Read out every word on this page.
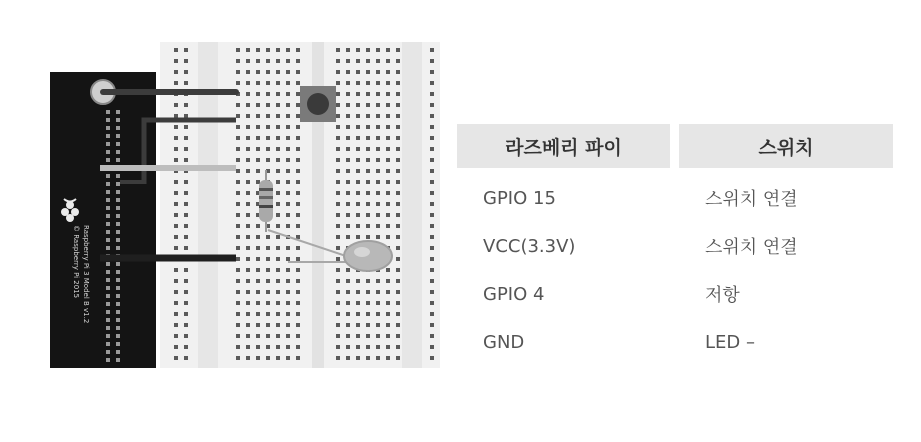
Raspberry Pi 3 Model B v1.2
© Raspberry Pi 2015
라즈베리 파이	스위치
GPIO 15	스위치 연결
VCC(3.3V)	스위치 연결
GPIO 4	저항
GND	LED –
